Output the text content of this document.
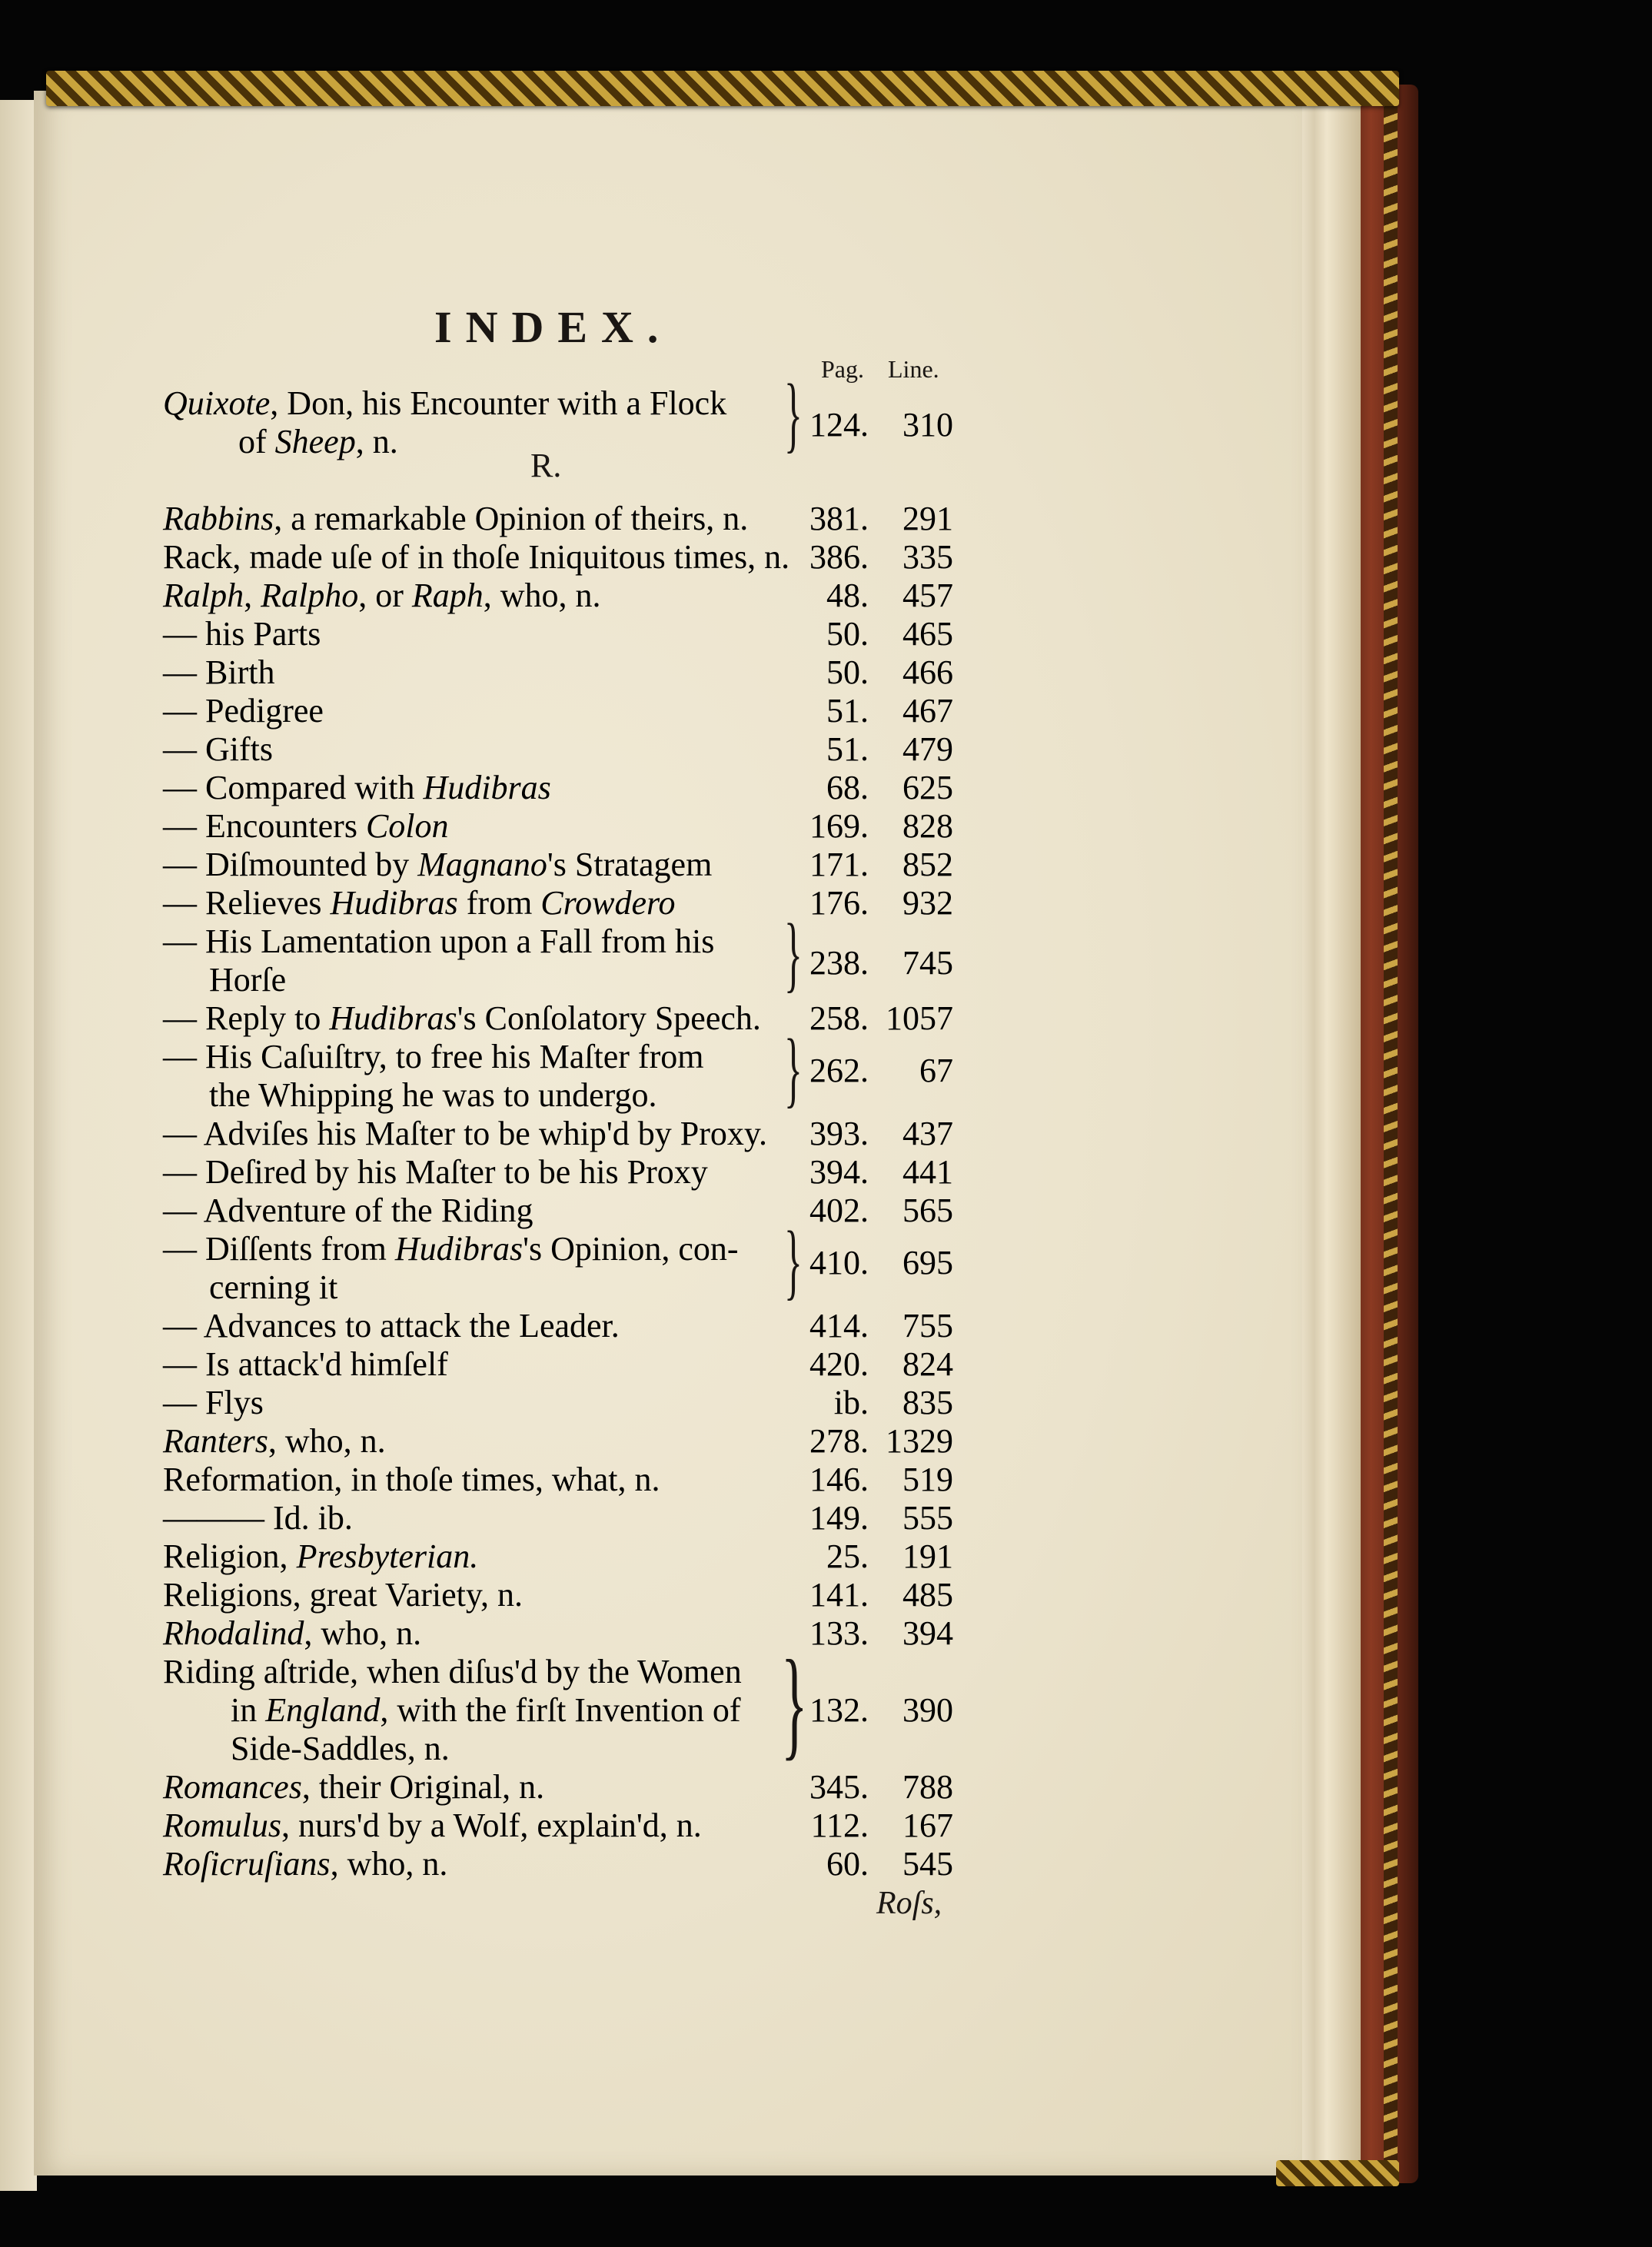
INDEX.
Pag. Line.
Quixote, Don, his Encounter with a Flock
of Sheep, n.	} 124.	310
R.
Rabbins, a remarkable Opinion of theirs, n.	381.	291
Rack, made uſe of in thoſe Iniquitous times, n. 386.	335
Ralph, Ralpho, or Raph, who, n.	48.	457
— his Parts	50.	465
— Birth	50.	466
— Pedigree	51.	467
— Gifts	51.	479
— Compared with Hudibras	68.	625
— Encounters Colon	169.	828
— Diſmounted by Magnano's Stratagem	171.	852
— Relieves Hudibras from Crowdero	176.	932
— His Lamentation upon a Fall from his
Horſe	} 238.	745
— Reply to Hudibras's Conſolatory Speech.	258. 1057
— His Caſuiſtry, to free his Maſter from
the Whipping he was to undergo. } 262.	67
— Adviſes his Maſter to be whip'd by Proxy.	393.	437
— Deſired by his Maſter to be his Proxy	394.	441
— Adventure of the Riding	402.	565
— Diſſents from Hudibras's Opinion, con-
cerning it	} 410.	695
— Advances to attack the Leader.	414.	755
— Is attack'd himſelf	420.	824
— Flys	ib.	835
Ranters, who, n.	278. 1329
Reformation, in thoſe times, what, n.	146.	519
——— Id. ib.	149.	555
Religion, Presbyterian.	25.	191
Religions, great Variety, n.	141.	485
Rhodalind, who, n.	133.	394
Riding aſtride, when diſus'd by the Women
in England, with the firſt Invention of
Side-Saddles, n.	} 132.	390
Romances, their Original, n.	345.	788
Romulus, nurs'd by a Wolf, explain'd, n.	112.	167
Roſicruſians, who, n.	60.	545
Roſs,
